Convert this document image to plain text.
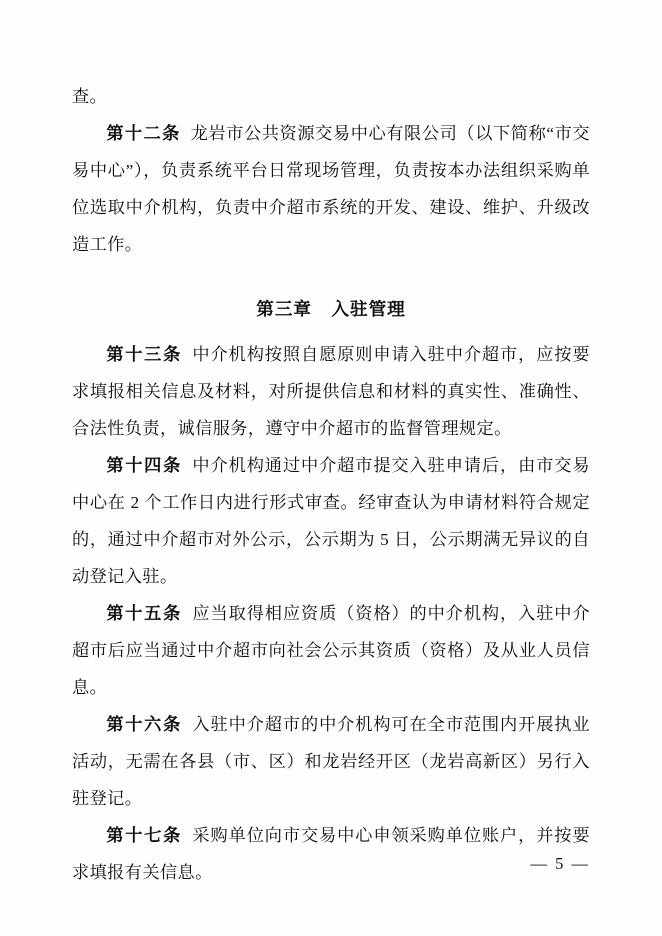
查。

第十二条 龙岩市公共资源交易中心有限公司（以下简称“市交易中心”），负责系统平台日常现场管理，负责按本办法组织采购单位选取中介机构，负责中介超市系统的开发、建设、维护、升级改造工作。

第三章 入驻管理

第十三条 中介机构按照自愿原则申请入驻中介超市，应按要求填报相关信息及材料，对所提供信息和材料的真实性、准确性、合法性负责，诚信服务，遵守中介超市的监督管理规定。

第十四条 中介机构通过中介超市提交入驻申请后，由市交易中心在 2 个工作日内进行形式审查。经审查认为申请材料符合规定的，通过中介超市对外公示，公示期为 5 日，公示期满无异议的自动登记入驻。

第十五条 应当取得相应资质（资格）的中介机构，入驻中介超市后应当通过中介超市向社会公示其资质（资格）及从业人员信息。

第十六条 入驻中介超市的中介机构可在全市范围内开展执业活动，无需在各县（市、区）和龙岩经开区（龙岩高新区）另行入驻登记。

第十七条 采购单位向市交易中心申领采购单位账户，并按要求填报有关信息。	— 5 —
